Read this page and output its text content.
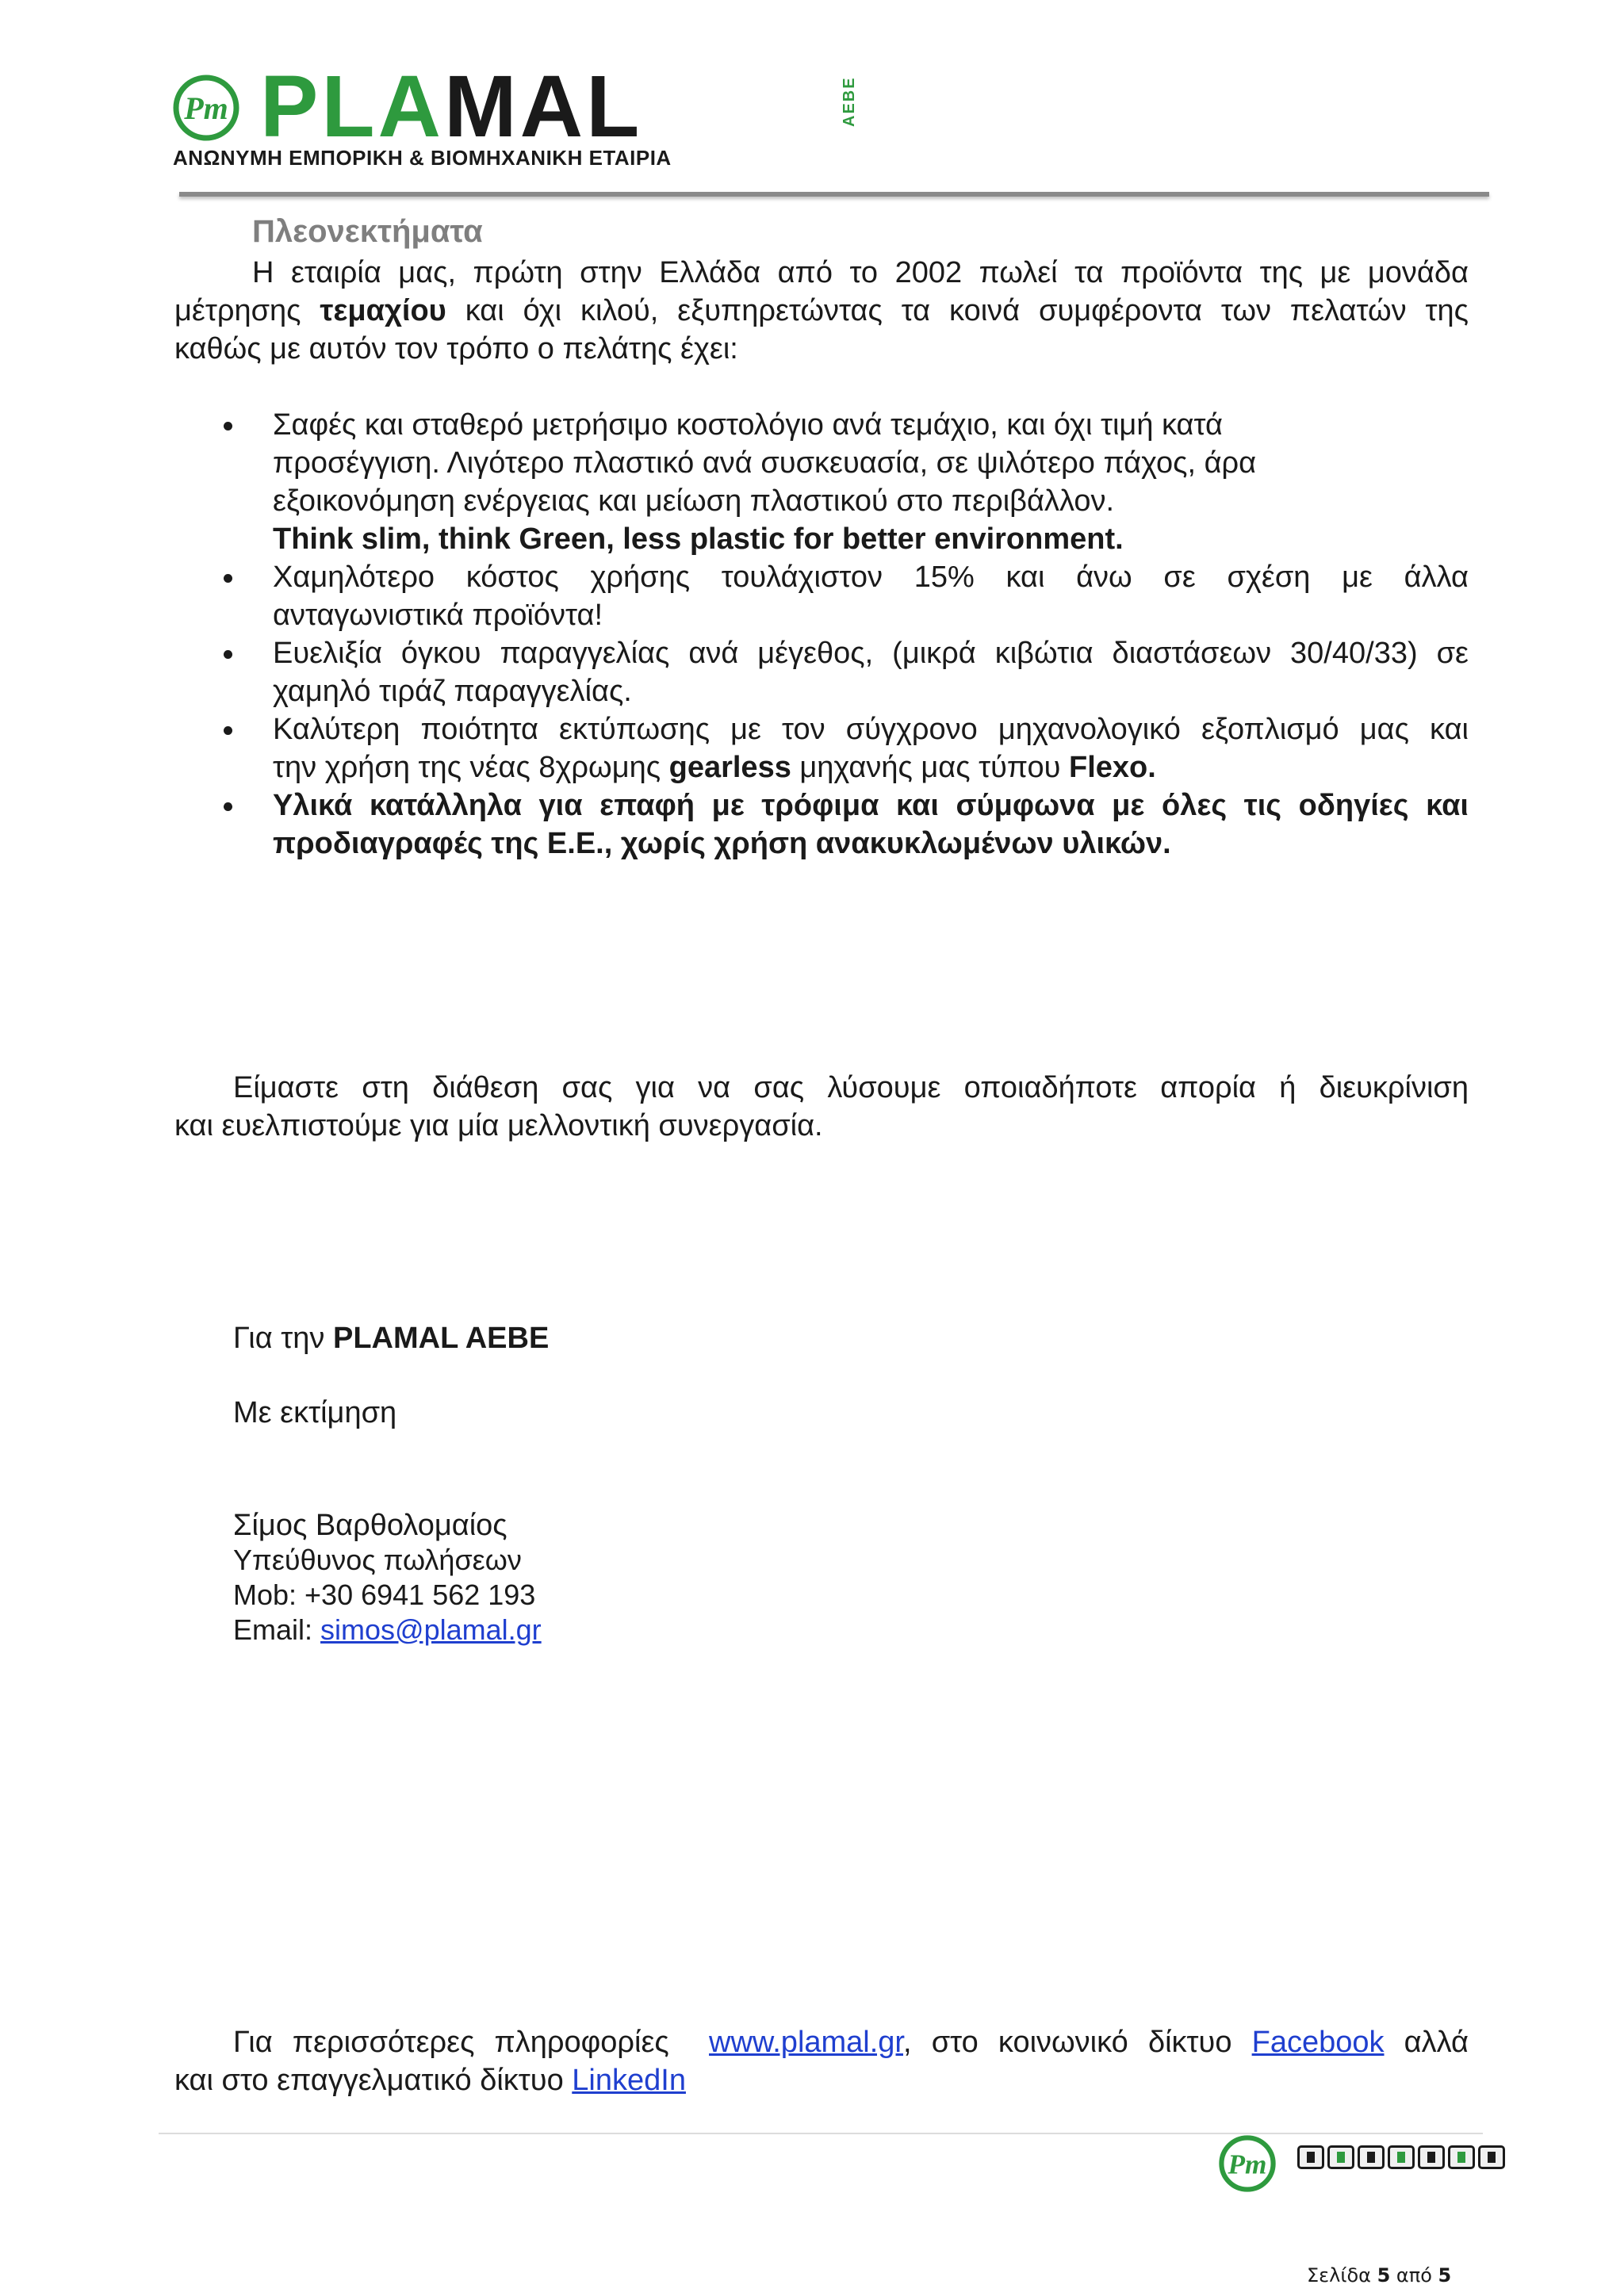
Pm PLAMAL	AEBE
ΑΝΩΝΥΜΗ ΕΜΠΟΡΙΚΗ & ΒΙΟΜΗΧΑΝΙΚΗ ΕΤΑΙΡΙΑ
Πλεονεκτήματα
Η εταιρία μας, πρώτη στην Ελλάδα από το 2002 πωλεί τα προϊόντα της με μονάδα
μέτρησης τεμαχίου και όχι κιλού, εξυπηρετώντας τα κοινά συμφέροντα των πελατών της
καθώς με αυτόν τον τρόπο ο πελάτης έχει:
Σαφές και σταθερό μετρήσιμο κοστολόγιο ανά τεμάχιο, και όχι τιμή κατά
προσέγγιση. Λιγότερο πλαστικό ανά συσκευασία, σε ψιλότερο πάχος, άρα
εξοικονόμηση ενέργειας και μείωση πλαστικού στο περιβάλλον.
Think slim, think Green, less plastic for better environment.
Χαμηλότερο κόστος χρήσης τουλάχιστον 15% και άνω σε σχέση με άλλα
ανταγωνιστικά προϊόντα!
Ευελιξία όγκου παραγγελίας ανά μέγεθος, (μικρά κιβώτια διαστάσεων 30/40/33) σε
χαμηλό τιράζ παραγγελίας.
Καλύτερη ποιότητα εκτύπωσης με τον σύγχρονο μηχανολογικό εξοπλισμό μας και
την χρήση της νέας 8χρωμης gearless μηχανής μας τύπου Flexo.
Υλικά κατάλληλα για επαφή με τρόφιμα και σύμφωνα με όλες τις οδηγίες και
προδιαγραφές της Ε.Ε., χωρίς χρήση ανακυκλωμένων υλικών.
Είμαστε στη διάθεση σας για να σας λύσουμε οποιαδήποτε απορία ή διευκρίνιση
και ευελπιστούμε για μία μελλοντική συνεργασία.
Για την PLAMAL AEBE
Με εκτίμηση
Σίμος Βαρθολομαίος
Υπεύθυνος πωλήσεων
Mob: +30 6941 562 193
Email: simos@plamal.gr
Για περισσότερες πληροφορίες  www.plamal.gr, στο κοινωνικό δίκτυο Facebook αλλά
και στο επαγγελματικό δίκτυο LinkedIn
Pm
Σελίδα 5 από 5
